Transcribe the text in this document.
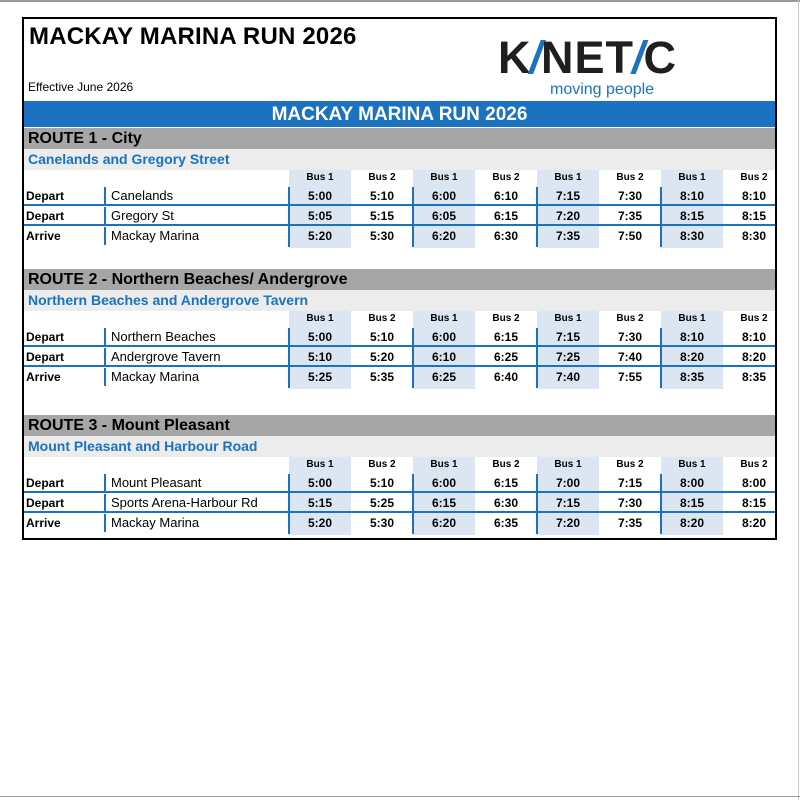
MACKAY MARINA RUN 2026
Effective June 2026
K/NET/C
moving people
MACKAY MARINA RUN 2026
ROUTE 1 - City
Canelands and Gregory Street
Bus 1	Bus 2	Bus 1	Bus 2	Bus 1	Bus 2	Bus 1	Bus 2
Depart	Canelands	5:00	5:10	6:00	6:10	7:15	7:30	8:10	8:10
Depart	Gregory St	5:05	5:15	6:05	6:15	7:20	7:35	8:15	8:15
Arrive	Mackay Marina	5:20	5:30	6:20	6:30	7:35	7:50	8:30	8:30
ROUTE 2 - Northern Beaches/ Andergrove
Northern Beaches and Andergrove Tavern
Bus 1	Bus 2	Bus 1	Bus 2	Bus 1	Bus 2	Bus 1	Bus 2
Depart	Northern Beaches	5:00	5:10	6:00	6:15	7:15	7:30	8:10	8:10
Depart	Andergrove Tavern	5:10	5:20	6:10	6:25	7:25	7:40	8:20	8:20
Arrive	Mackay Marina	5:25	5:35	6:25	6:40	7:40	7:55	8:35	8:35
ROUTE 3 - Mount Pleasant
Mount Pleasant and Harbour Road
Bus 1	Bus 2	Bus 1	Bus 2	Bus 1	Bus 2	Bus 1	Bus 2
Depart	Mount Pleasant	5:00	5:10	6:00	6:15	7:00	7:15	8:00	8:00
Depart	Sports Arena-Harbour Rd	5:15	5:25	6:15	6:30	7:15	7:30	8:15	8:15
Arrive	Mackay Marina	5:20	5:30	6:20	6:35	7:20	7:35	8:20	8:20
